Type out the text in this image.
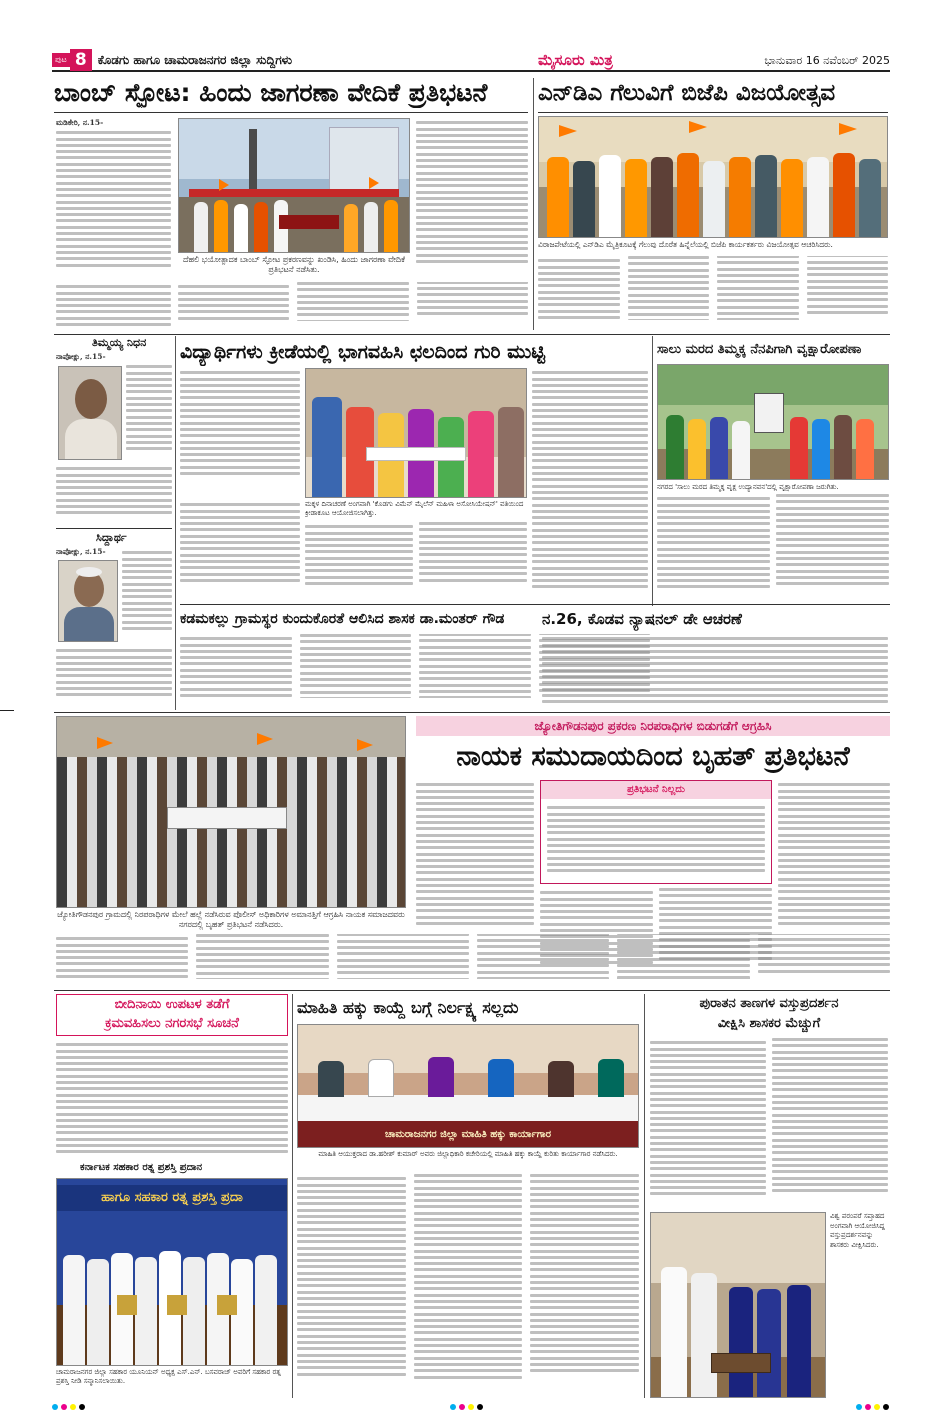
ಪುಟ 8 ಕೊಡಗು ಹಾಗೂ ಚಾಮರಾಜನಗರ ಜಿಲ್ಲಾ ಸುದ್ದಿಗಳು	ಮೈಸೂರು ಮಿತ್ರ	ಭಾನುವಾರ 16 ನವೆಂಬರ್ 2025
ಬಾಂಬ್ ಸ್ಫೋಟ: ಹಿಂದು ಜಾಗರಣಾ ವೇದಿಕೆ ಪ್ರತಿಭಟನೆ
ಮಡಿಕೇರಿ, ನ.15-
ದೆಹಲಿ ಭಯೋತ್ಪಾದಕ ಬಾಂಬ್ ಸ್ಫೋಟ ಪ್ರಕರಣವನ್ನು ಖಂಡಿಸಿ, ಹಿಂದು ಜಾಗರಣಾ ವೇದಿಕೆ ಪ್ರತಿಭಟನೆ ನಡೆಸಿತು.
ಎನ್‌ಡಿಎ ಗೆಲುವಿಗೆ ಬಿಜೆಪಿ ವಿಜಯೋತ್ಸವ
ವಿರಾಜಪೇಟೆಯಲ್ಲಿ ಎನ್‌ಡಿಎ ಮೈತ್ರಿಕೂಟಕ್ಕೆ ಗೆಲುವು ದೊರೆತ ಹಿನ್ನೆಲೆಯಲ್ಲಿ ಬಿಜೆಪಿ ಕಾರ್ಯಕರ್ತರು ವಿಜಯೋತ್ಸವ ಆಚರಿಸಿದರು.
ತಿಮ್ಮಯ್ಯ ನಿಧನ
ನಾಪೋಕ್ಲು, ನ.15-
ಸಿದ್ದಾರ್ಥ
ನಾಪೋಕ್ಲು, ನ.15-
ವಿದ್ಯಾರ್ಥಿಗಳು ಕ್ರೀಡೆಯಲ್ಲಿ ಭಾಗವಹಿಸಿ ಛಲದಿಂದ ಗುರಿ ಮುಟ್ಟಿ
ಮಕ್ಕಳ ದಿನಾಚರಣೆ ಅಂಗವಾಗಿ 'ಕೊಡಗು ವಿಮೆನ್ ಮೈಲೆನ್ ಮಹಿಳಾ ಅಸೋಸಿಯೇಷನ್' ವತಿಯಿಂದ ಕ್ರೀಡಾಕೂಟ ಆಯೋಜಿಸಲಾಗಿತ್ತು.
ಸಾಲು ಮರದ ತಿಮ್ಮಕ್ಕ ನೆನಪಿಗಾಗಿ ವೃಕ್ಷಾರೋಪಣಾ
ನಗರದ 'ಸಾಲು ಮರದ ತಿಮ್ಮಕ್ಕ ವೃಕ್ಷ ಉದ್ಯಾನವನ'ದಲ್ಲಿ ವೃಕ್ಷಾರೋಪಣಾ ಜರುಗಿತು.
ಕಡಮಕಲ್ಲು ಗ್ರಾಮಸ್ಥರ ಕುಂದುಕೊರತೆ ಆಲಿಸಿದ ಶಾಸಕ ಡಾ.ಮಂತರ್ ಗೌಡ	ನ.26, ಕೊಡವ ನ್ಯಾಷನಲ್ ಡೇ ಆಚರಣೆ
ಜ್ಯೋತಿಗೌಡನಪುರ ಗ್ರಾಮದಲ್ಲಿ ನಿರಪರಾಧಿಗಳ ಮೇಲೆ ಹಲ್ಲೆ ನಡೆಸಿರುವ ಪೊಲೀಸ್ ಅಧಿಕಾರಿಗಳ ಅಮಾನತ್ತಿಗೆ ಆಗ್ರಹಿಸಿ ನಾಯಕ ಸಮಾಜದವರು ನಗರದಲ್ಲಿ ಬೃಹತ್ ಪ್ರತಿಭಟನೆ ನಡೆಸಿದರು.
ಜ್ಯೋತಿಗೌಡನಪುರ ಪ್ರಕರಣ ನಿರಪರಾಧಿಗಳ ಬಿಡುಗಡೆಗೆ ಆಗ್ರಹಿಸಿ
ನಾಯಕ ಸಮುದಾಯದಿಂದ ಬೃಹತ್ ಪ್ರತಿಭಟನೆ
ಪ್ರತಿಭಟನೆ ನಿಲ್ಲದು
ಬೀದಿನಾಯಿ ಉಪಟಳ ತಡೆಗೆ
ಕ್ರಮವಹಿಸಲು ನಗರಸಭೆ ಸೂಚನೆ
ಕರ್ನಾಟಕ ಸಹಕಾರ ರತ್ನ ಪ್ರಶಸ್ತಿ ಪ್ರದಾನ
ಹಾಗೂ ಸಹಕಾರ ರತ್ನ ಪ್ರಶಸ್ತಿ ಪ್ರದಾ
ಚಾಮರಾಜನಗರ ಜಿಲ್ಲಾ ಸಹಕಾರ ಯೂನಿಯನ್ ಅಧ್ಯಕ್ಷ ಎಸ್.ಎನ್. ಬಸವರಾಜ್ ಅವರಿಗೆ ಸಹಕಾರ ರತ್ನ ಪ್ರಶಸ್ತಿ ನೀಡಿ ಸನ್ಮಾನಿಸಲಾಯಿತು.
ಮಾಹಿತಿ ಹಕ್ಕು ಕಾಯ್ದೆ ಬಗ್ಗೆ ನಿರ್ಲಕ್ಷ್ಯ ಸಲ್ಲದು
ಚಾಮರಾಜನಗರ ಜಿಲ್ಲಾ ಮಾಹಿತಿ ಹಕ್ಕು ಕಾರ್ಯಾಗಾರ
ಮಾಹಿತಿ ಆಯುಕ್ತರಾದ ಡಾ.ಹರೀಶ್ ಕುಮಾರ್ ಅವರು ಜಿಲ್ಲಾಧಿಕಾರಿ ಕಚೇರಿಯಲ್ಲಿ ಮಾಹಿತಿ ಹಕ್ಕು ಕಾಯ್ದೆ ಕುರಿತು ಕಾರ್ಯಾಗಾರ ನಡೆಸಿದರು.
ಪುರಾತನ ತಾಣಗಳ ವಸ್ತುಪ್ರದರ್ಶನ
ವೀಕ್ಷಿಸಿ ಶಾಸಕರ ಮೆಚ್ಚುಗೆ
ವಿಶ್ವ ಪರಂಪರೆ ಸಪ್ತಾಹದ ಅಂಗವಾಗಿ ಆಯೋಜಿಸಿದ್ದ ವಸ್ತುಪ್ರದರ್ಶನವನ್ನು ಶಾಸಕರು ವೀಕ್ಷಿಸಿದರು.
